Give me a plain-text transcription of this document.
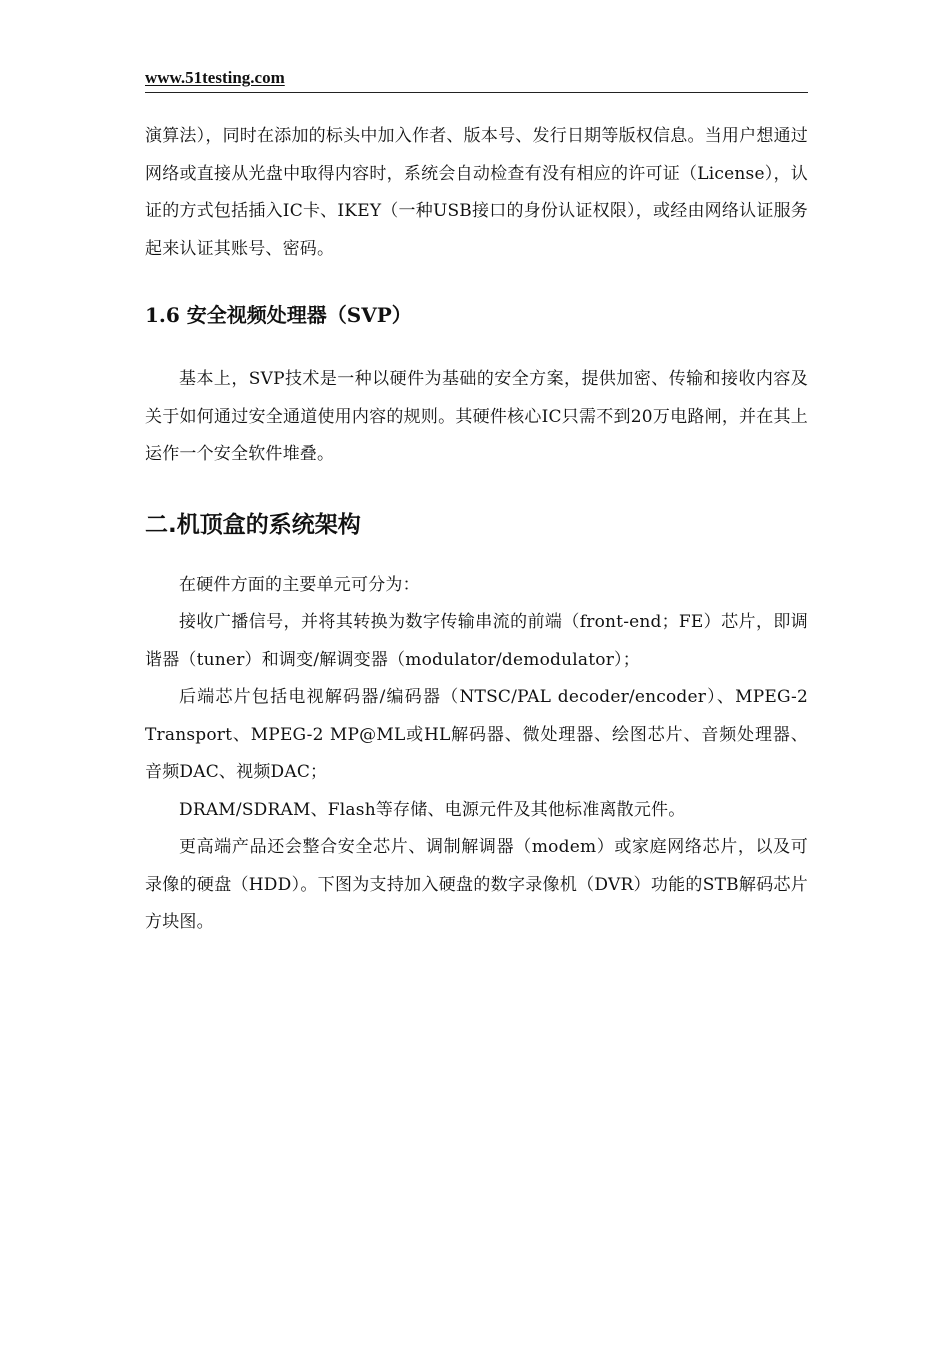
www.51testing.com

演算法），同时在添加的标头中加入作者、版本号、发行日期等版权信息。当用户想通过网络或直接从光盘中取得内容时，系统会自动检查有没有相应的许可证（License），认证的方式包括插入IC卡、IKEY（一种USB接口的身份认证权限），或经由网络认证服务起来认证其账号、密码。

1.6 安全视频处理器（SVP）

基本上，SVP技术是一种以硬件为基础的安全方案，提供加密、传输和接收内容及关于如何通过安全通道使用内容的规则。其硬件核心IC只需不到20万电路闸，并在其上运作一个安全软件堆叠。

二.机顶盒的系统架构

在硬件方面的主要单元可分为：

接收广播信号，并将其转换为数字传输串流的前端（front-end；FE）芯片，即调谐器（tuner）和调变/解调变器（modulator/demodulator）；

后端芯片包括电视解码器/编码器（NTSC/PAL decoder/encoder）、MPEG-2 Transport、MPEG-2 MP@ML或HL解码器、微处理器、绘图芯片、音频处理器、音频DAC、视频DAC；

DRAM/SDRAM、Flash等存储、电源元件及其他标准离散元件。

更高端产品还会整合安全芯片、调制解调器（modem）或家庭网络芯片，以及可录像的硬盘（HDD）。下图为支持加入硬盘的数字录像机（DVR）功能的STB解码芯片方块图。
